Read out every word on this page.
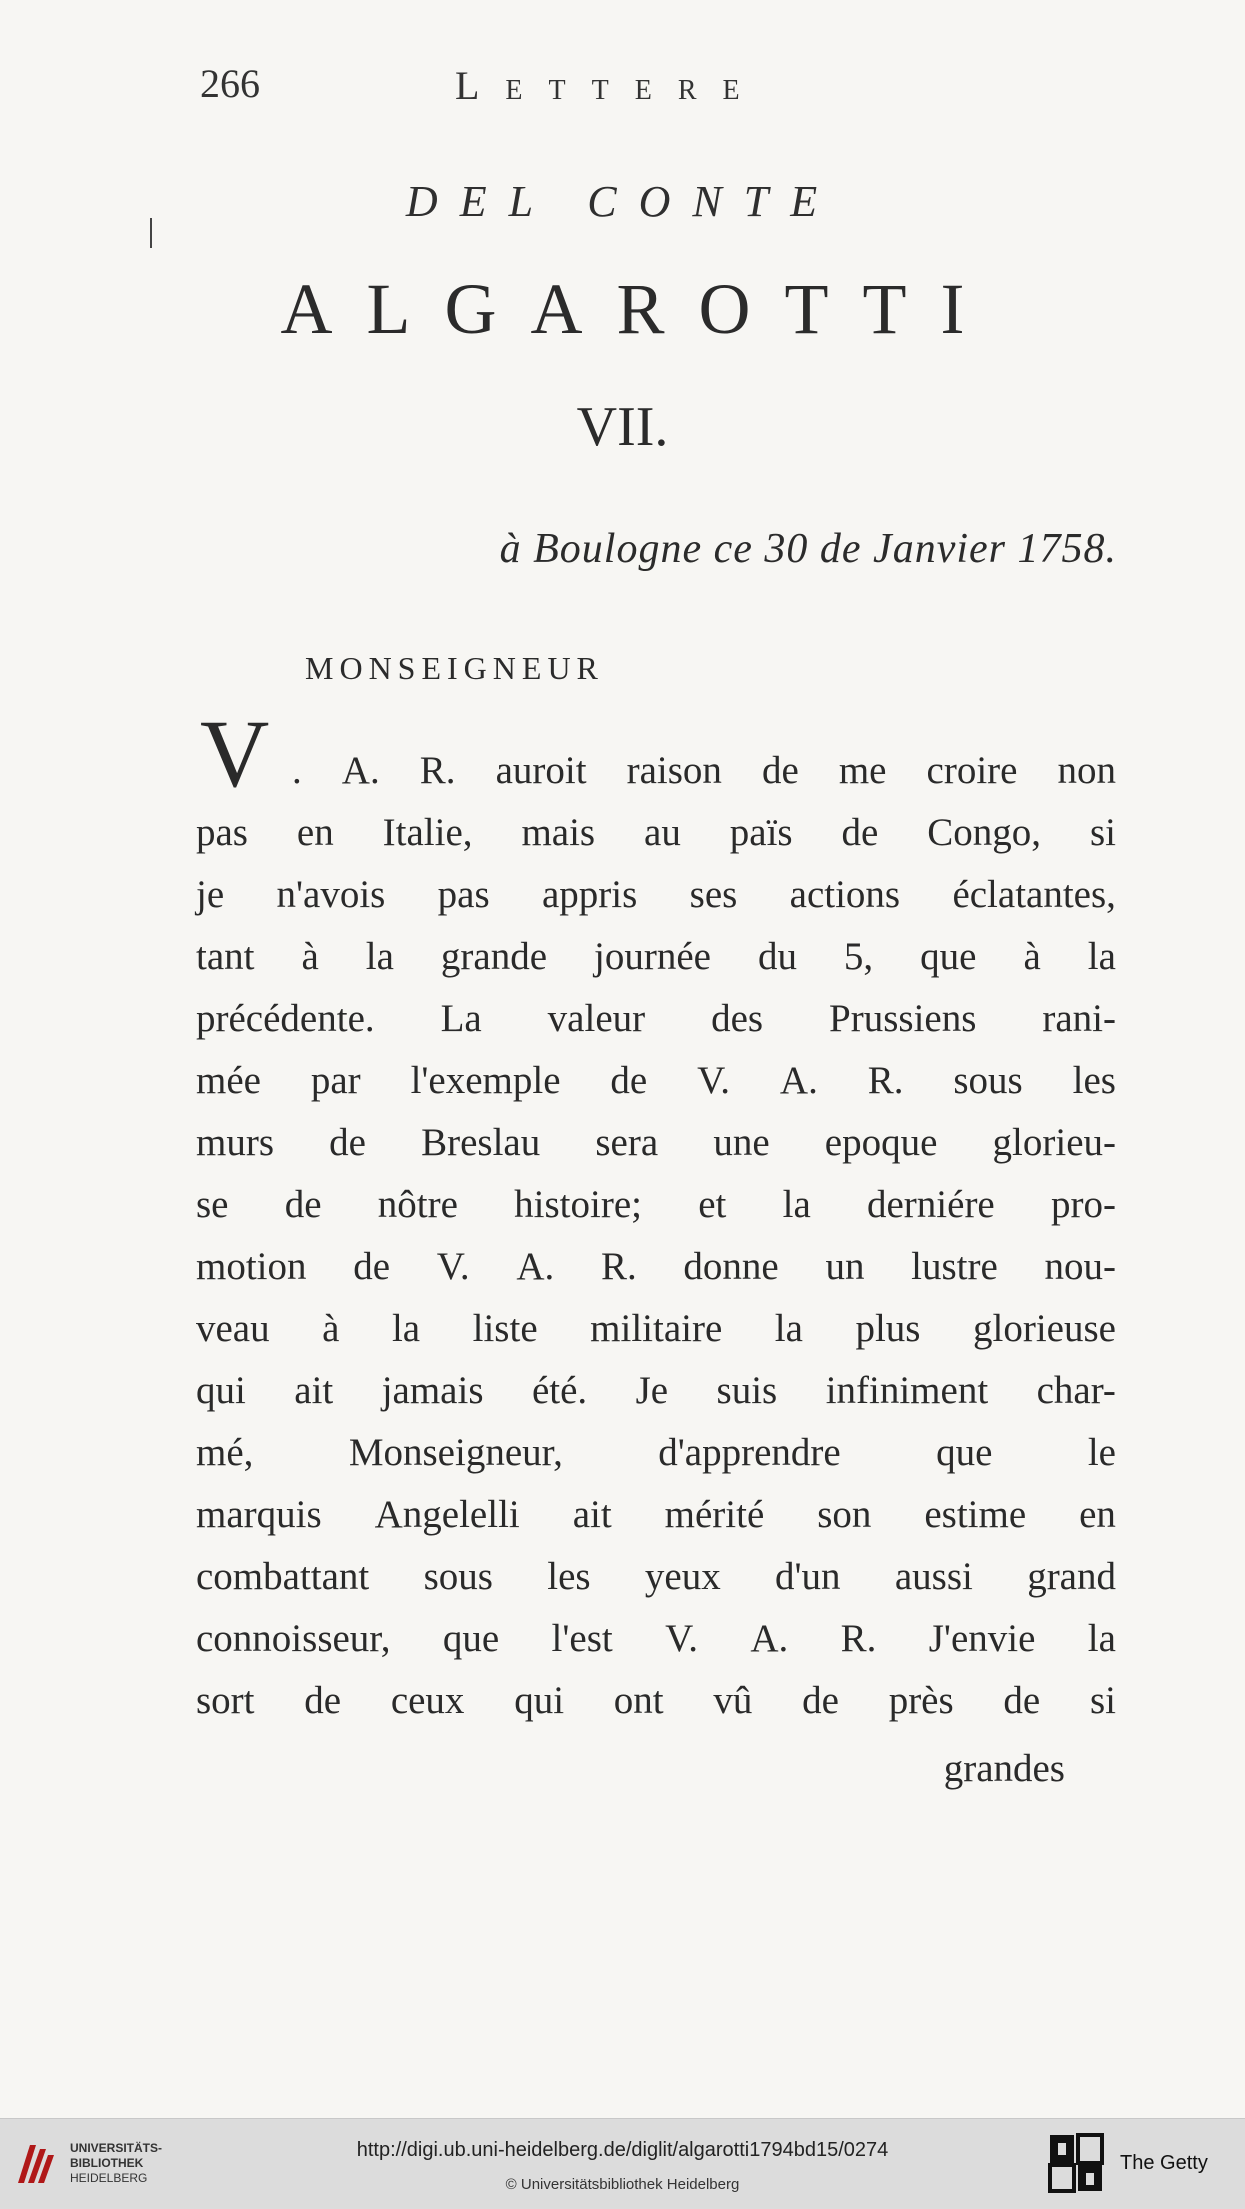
266	Lettere
DEL CONTE
ALGAROTTI
VII.
à Boulogne ce 30 de Janvier 1758.
MONSEIGNEUR
V . A. R. auroit raison de me croire non
pas en Italie, mais au païs de Congo, si
je n'avois pas appris ses actions éclatantes,
tant à la grande journée du 5, que à la
précédente. La valeur des Prussiens rani-
mée par l'exemple de V. A. R. sous les
murs de Breslau sera une epoque glorieu-
se de nôtre histoire; et la derniére pro-
motion de V. A. R. donne un lustre nou-
veau à la liste militaire la plus glorieuse
qui ait jamais été. Je suis infiniment char-
mé, Monseigneur, d'apprendre que le
marquis Angelelli ait mérité son estime en
combattant sous les yeux d'un aussi grand
connoisseur, que l'est V. A. R. J'envie la
sort de ceux qui ont vû de près de si
grandes
UNIVERSITÄTS-
BIBLIOTHEK
HEIDELBERG
http://digi.ub.uni-heidelberg.de/diglit/algarotti1794bd15/0274
© Universitätsbibliothek Heidelberg
The Getty
